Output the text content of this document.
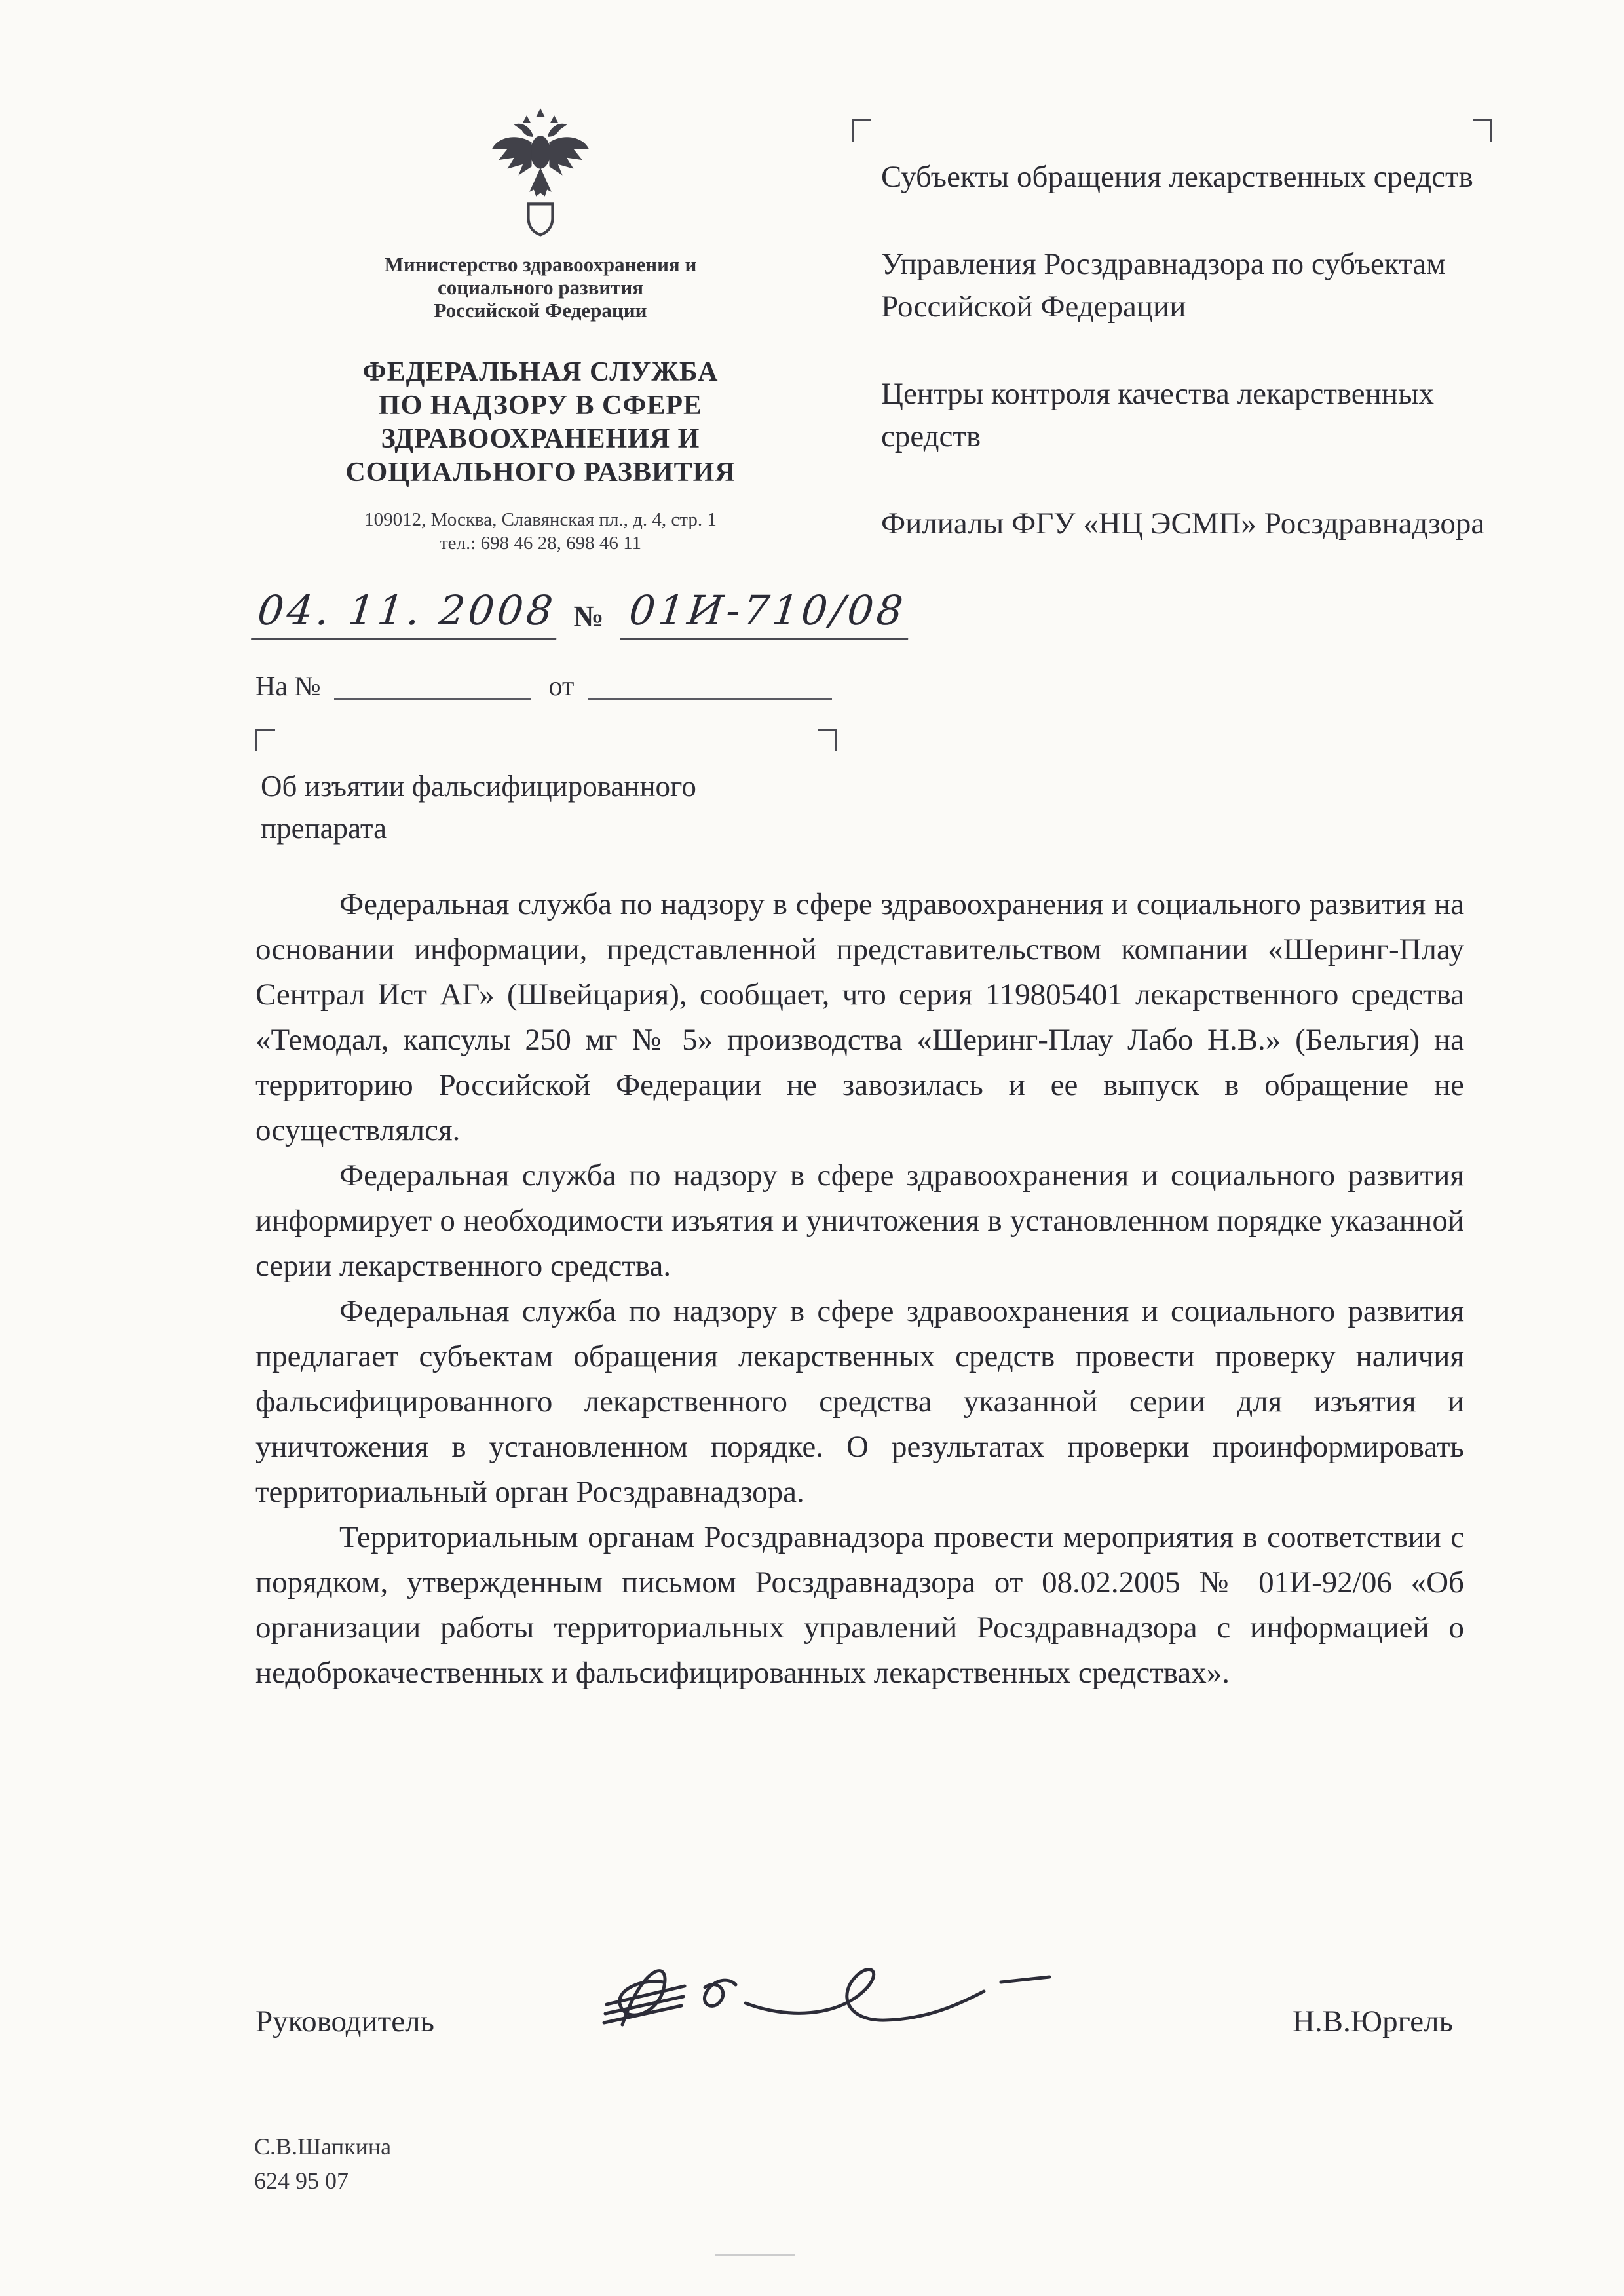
Министерство здравоохранения и
социального развития
Российской Федерации
ФЕДЕРАЛЬНАЯ СЛУЖБА
ПО НАДЗОРУ В СФЕРЕ
ЗДРАВООХРАНЕНИЯ И
СОЦИАЛЬНОГО РАЗВИТИЯ
109012, Москва, Славянская пл., д. 4, стр. 1
тел.: 698 46 28, 698 46 11
04. 11. 2008 № 01И-710/08
На №	от
Субъекты обращения лекарственных средств
Управления Росздравнадзора по субъектам Российской Федерации
Центры контроля качества лекарственных средств
Филиалы ФГУ «НЦ ЭСМП» Росздравнадзора
Об изъятии фальсифицированного препарата

Федеральная служба по надзору в сфере здравоохранения и социального развития на основании информации, представленной представительством компании «Шеринг-Плау Сентрал Ист АГ» (Швейцария), сообщает, что серия 119805401 лекарственного средства «Темодал, капсулы 250 мг № 5» производства «Шеринг-Плау Лабо Н.В.» (Бельгия) на территорию Российской Федерации не завозилась и ее выпуск в обращение не осуществлялся.

Федеральная служба по надзору в сфере здравоохранения и социального развития информирует о необходимости изъятия и уничтожения в установленном порядке указанной серии лекарственного средства.

Федеральная служба по надзору в сфере здравоохранения и социального развития предлагает субъектам обращения лекарственных средств провести проверку наличия фальсифицированного лекарственного средства указанной серии для изъятия и уничтожения в установленном порядке. О результатах проверки проинформировать территориальный орган Росздравнадзора.

Территориальным органам Росздравнадзора провести мероприятия в соответствии с порядком, утвержденным письмом Росздравнадзора от 08.02.2005 № 01И-92/06 «Об организации работы территориальных управлений Росздравнадзора с информацией о недоброкачественных и фальсифицированных лекарственных средствах».

Руководитель	Н.В.Юргель
С.В.Шапкина
624 95 07
